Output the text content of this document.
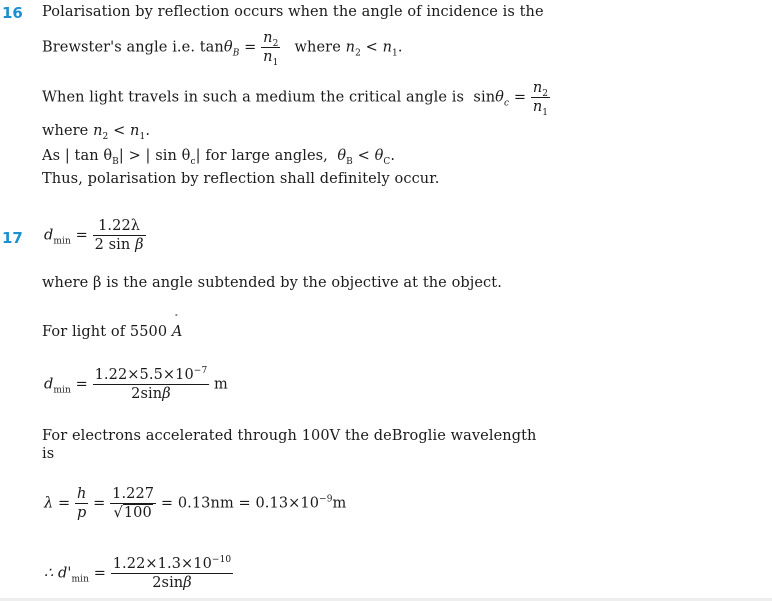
16 Polarisation by reflection occurs when the angle of incidence is the
Brewster's angle i.e. $\tan\theta_B = \frac{n_2}{n_1}$ where $n_2 < n_1$.
When light travels in such a medium the critical angle is $\sin\theta_c = \frac{n_2}{n_1}$
where $n_2 < n_1$.
As | $\tan \theta_B|$ > | $\sin \theta_c|$ for large angles, $\theta_B < \theta_C$.
Thus, polarisation by reflection shall definitely occur.
17 $d_{min} = \frac{1.22\lambda}{\text{2 sin β}}$
where β is the angle subtended by the objective at the object.
For light of 5500
°
A
$d_{min} = \frac{1.22\times 5.5\times 10^{-7}}{2\sin\beta}$ m
For electrons accelerated through 100V the deBroglie wavelength
is
$\lambda = \frac{h}{p} = \frac{1.227}{√100} = 0.13nm = 0.13\times 10^{-9}m$
∴ $d'_{min} = \frac{1.22\times 1.3\times 10^{-10}}{2\sin\beta}$
